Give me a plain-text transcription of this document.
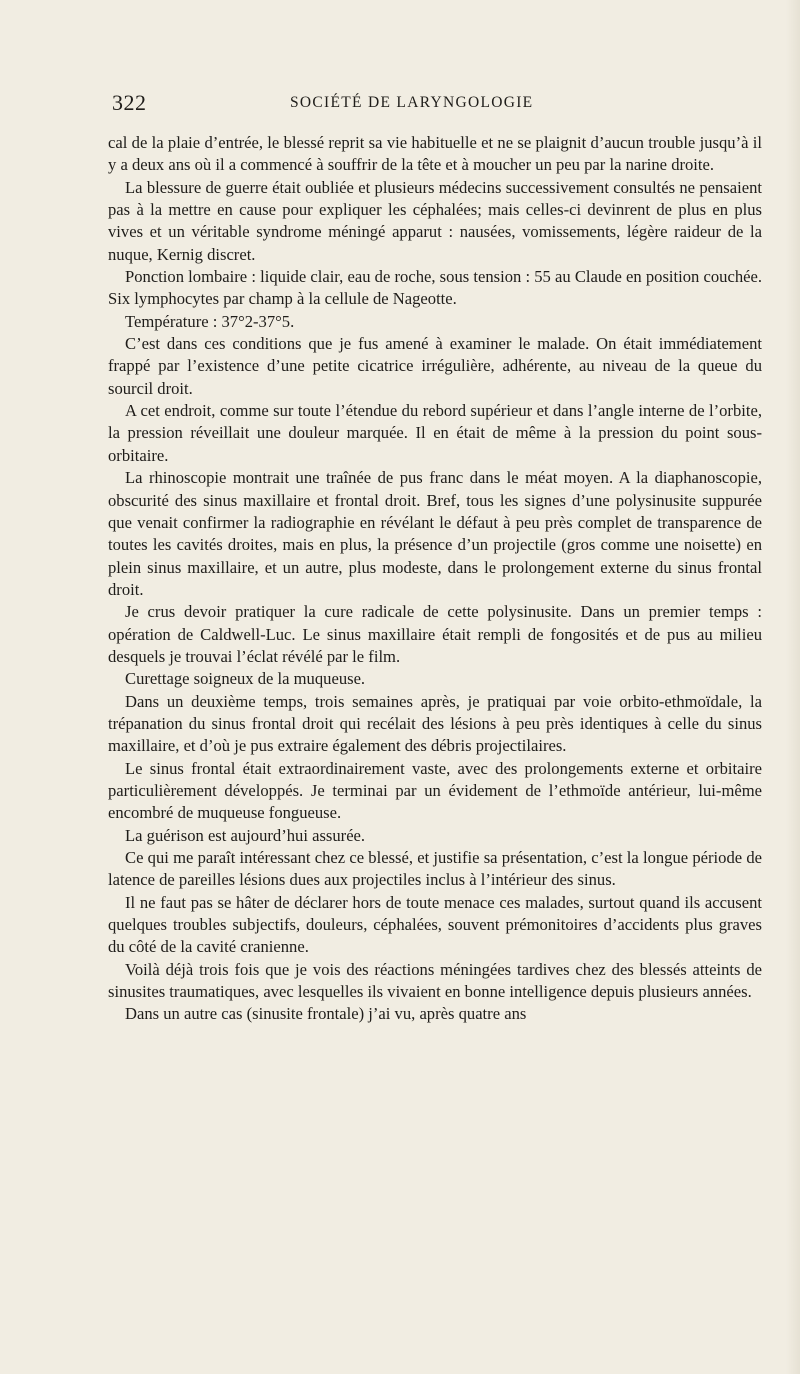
322	SOCIÉTÉ DE LARYNGOLOGIE

cal de la plaie d’entrée, le blessé reprit sa vie habituelle et ne se plaignit d’aucun trouble jusqu’à il y a deux ans où il a commencé à souffrir de la tête et à moucher un peu par la narine droite.

La blessure de guerre était oubliée et plusieurs médecins successivement consultés ne pensaient pas à la mettre en cause pour expliquer les céphalées; mais celles-ci devinrent de plus en plus vives et un véritable syndrome méningé apparut : nausées, vomissements, légère raideur de la nuque, Kernig discret.

Ponction lombaire : liquide clair, eau de roche, sous tension : 55 au Claude en position couchée. Six lymphocytes par champ à la cellule de Nageotte.

Température : 37°2-37°5.

C’est dans ces conditions que je fus amené à examiner le malade. On était immédiatement frappé par l’existence d’une petite cicatrice irrégulière, adhérente, au niveau de la queue du sourcil droit.

A cet endroit, comme sur toute l’étendue du rebord supérieur et dans l’angle interne de l’orbite, la pression réveillait une douleur marquée. Il en était de même à la pression du point sous-orbitaire.

La rhinoscopie montrait une traînée de pus franc dans le méat moyen. A la diaphanoscopie, obscurité des sinus maxillaire et frontal droit. Bref, tous les signes d’une polysinusite suppurée que venait confirmer la radiographie en révélant le défaut à peu près complet de transparence de toutes les cavités droites, mais en plus, la présence d’un projectile (gros comme une noisette) en plein sinus maxillaire, et un autre, plus modeste, dans le prolongement externe du sinus frontal droit.

Je crus devoir pratiquer la cure radicale de cette polysinusite. Dans un premier temps : opération de Caldwell-Luc. Le sinus maxillaire était rempli de fongosités et de pus au milieu desquels je trouvai l’éclat révélé par le film.

Curettage soigneux de la muqueuse.

Dans un deuxième temps, trois semaines après, je pratiquai par voie orbito-ethmoïdale, la trépanation du sinus frontal droit qui recélait des lésions à peu près identiques à celle du sinus maxillaire, et d’où je pus extraire également des débris projectilaires.

Le sinus frontal était extraordinairement vaste, avec des prolongements externe et orbitaire particulièrement développés. Je terminai par un évidement de l’ethmoïde antérieur, lui-même encombré de muqueuse fongueuse.

La guérison est aujourd’hui assurée.

Ce qui me paraît intéressant chez ce blessé, et justifie sa présentation, c’est la longue période de latence de pareilles lésions dues aux projectiles inclus à l’intérieur des sinus.

Il ne faut pas se hâter de déclarer hors de toute menace ces malades, surtout quand ils accusent quelques troubles subjectifs, douleurs, céphalées, souvent prémonitoires d’accidents plus graves du côté de la cavité cranienne.

Voilà déjà trois fois que je vois des réactions méningées tardives chez des blessés atteints de sinusites traumatiques, avec lesquelles ils vivaient en bonne intelligence depuis plusieurs années.

Dans un autre cas (sinusite frontale) j’ai vu, après quatre ans
